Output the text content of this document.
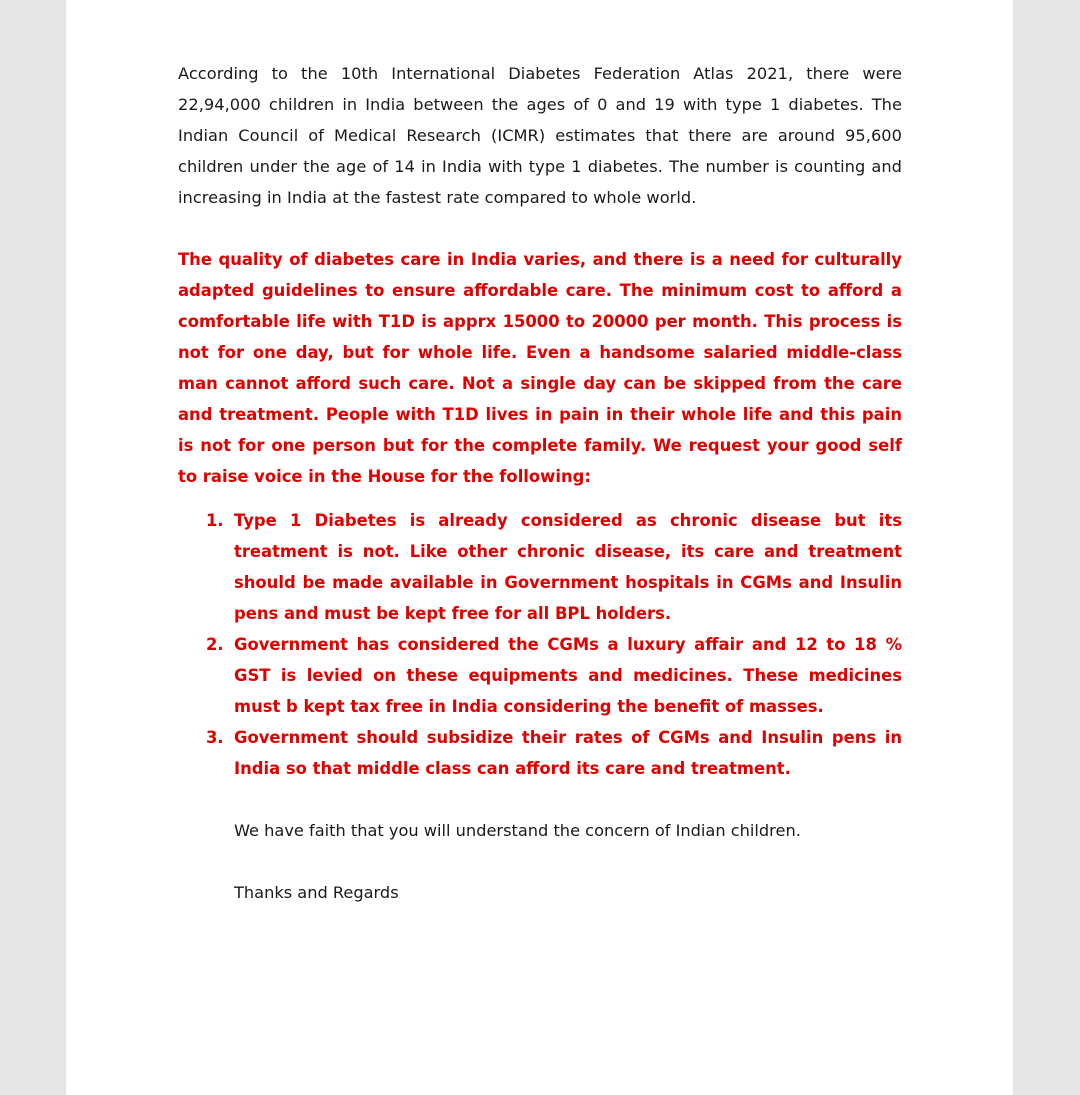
According to the 10th International Diabetes Federation Atlas 2021, there were 22,94,000 children in India between the ages of 0 and 19 with type 1 diabetes. The Indian Council of Medical Research (ICMR) estimates that there are around 95,600 children under the age of 14 in India with type 1 diabetes. The number is counting and increasing in India at the fastest rate compared to whole world.

The quality of diabetes care in India varies, and there is a need for culturally adapted guidelines to ensure affordable care. The minimum cost to afford a comfortable life with T1D is apprx 15000 to 20000 per month. This process is not for one day, but for whole life. Even a handsome salaried middle-class man cannot afford such care. Not a single day can be skipped from the care and treatment. People with T1D lives in pain in their whole life and this pain is not for one person but for the complete family. We request your good self to raise voice in the House for the following:

1. Type 1 Diabetes is already considered as chronic disease but its treatment is not. Like other chronic disease, its care and treatment should be made available in Government hospitals in CGMs and Insulin pens and must be kept free for all BPL holders.
2. Government has considered the CGMs a luxury affair and 12 to 18 % GST is levied on these equipments and medicines. These medicines must b kept tax free in India considering the benefit of masses.
3. Government should subsidize their rates of CGMs and Insulin pens in India so that middle class can afford its care and treatment.

We have faith that you will understand the concern of Indian children.

Thanks and Regards
